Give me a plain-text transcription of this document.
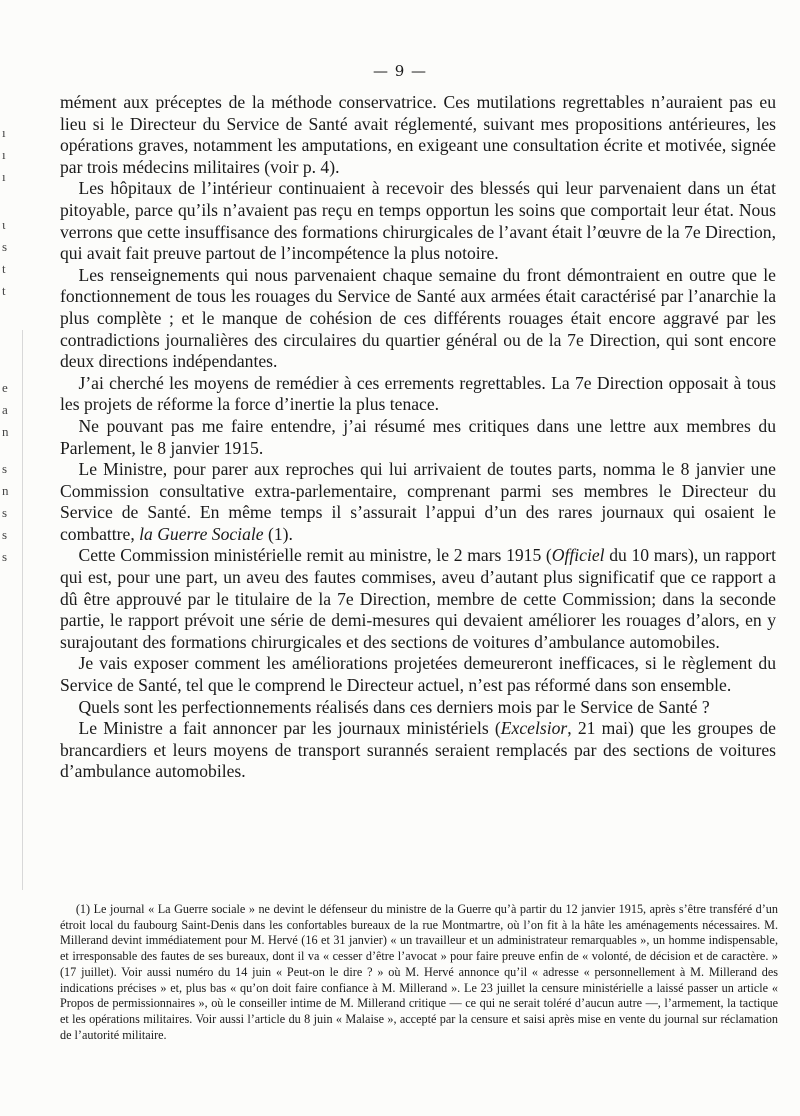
— 9 —
ı
ı
ı
ɩ
s
t
t
e
a
n
s
n
s
s
s

mément aux préceptes de la méthode conservatrice. Ces mutilations regrettables n’auraient pas eu lieu si le Directeur du Service de Santé avait réglementé, suivant mes propositions antérieures, les opérations graves, notamment les amputations, en exigeant une consultation écrite et motivée, signée par trois médecins militaires (voir p. 4).

Les hôpitaux de l’intérieur continuaient à recevoir des blessés qui leur parvenaient dans un état pitoyable, parce qu’ils n’avaient pas reçu en temps opportun les soins que comportait leur état. Nous verrons que cette insuffisance des formations chirurgicales de l’avant était l’œuvre de la 7e Direction, qui avait fait preuve partout de l’incompétence la plus notoire.

Les renseignements qui nous parvenaient chaque semaine du front démontraient en outre que le fonctionnement de tous les rouages du Service de Santé aux armées était caractérisé par l’anarchie la plus complète ; et le manque de cohésion de ces différents rouages était encore aggravé par les contradictions journalières des circulaires du quartier général ou de la 7e Direction, qui sont encore deux directions indépendantes.

J’ai cherché les moyens de remédier à ces errements regrettables. La 7e Direction opposait à tous les projets de réforme la force d’inertie la plus tenace.

Ne pouvant pas me faire entendre, j’ai résumé mes critiques dans une lettre aux membres du Parlement, le 8 janvier 1915.

Le Ministre, pour parer aux reproches qui lui arrivaient de toutes parts, nomma le 8 janvier une Commission consultative extra-parlementaire, comprenant parmi ses membres le Directeur du Service de Santé. En même temps il s’assurait l’appui d’un des rares journaux qui osaient le combattre, la Guerre Sociale (1).

Cette Commission ministérielle remit au ministre, le 2 mars 1915 (Officiel du 10 mars), un rapport qui est, pour une part, un aveu des fautes commises, aveu d’autant plus significatif que ce rapport a dû être approuvé par le titulaire de la 7e Direction, membre de cette Commission; dans la seconde partie, le rapport prévoit une série de demi-mesures qui devaient améliorer les rouages d’alors, en y surajoutant des formations chirurgicales et des sections de voitures d’ambulance automobiles.

Je vais exposer comment les améliorations projetées demeureront inefficaces, si le règlement du Service de Santé, tel que le comprend le Directeur actuel, n’est pas réformé dans son ensemble.

Quels sont les perfectionnements réalisés dans ces derniers mois par le Service de Santé ?

Le Ministre a fait annoncer par les journaux ministériels (Excelsior, 21 mai) que les groupes de brancardiers et leurs moyens de transport surannés seraient remplacés par des sections de voitures d’ambulance automobiles.

(1) Le journal « La Guerre sociale » ne devint le défenseur du ministre de la Guerre qu’à partir du 12 janvier 1915, après s’être transféré d’un étroit local du faubourg Saint-Denis dans les confortables bureaux de la rue Montmartre, où l’on fit à la hâte les aménagements nécessaires. M. Millerand devint immédiatement pour M. Hervé (16 et 31 janvier) « un travailleur et un administrateur remarquables », un homme indispensable, et irresponsable des fautes de ses bureaux, dont il va « cesser d’être l’avocat » pour faire preuve enfin de « volonté, de décision et de caractère. » (17 juillet). Voir aussi numéro du 14 juin « Peut-on le dire ? » où M. Hervé annonce qu’il « adresse « personnellement à M. Millerand des indications précises » et, plus bas « qu’on doit faire confiance à M. Millerand ». Le 23 juillet la censure ministérielle a laissé passer un article « Propos de permissionnaires », où le conseiller intime de M. Millerand critique — ce qui ne serait toléré d’aucun autre —, l’armement, la tactique et les opérations militaires. Voir aussi l’article du 8 juin « Malaise », accepté par la censure et saisi après mise en vente du journal sur réclamation de l’autorité militaire.
